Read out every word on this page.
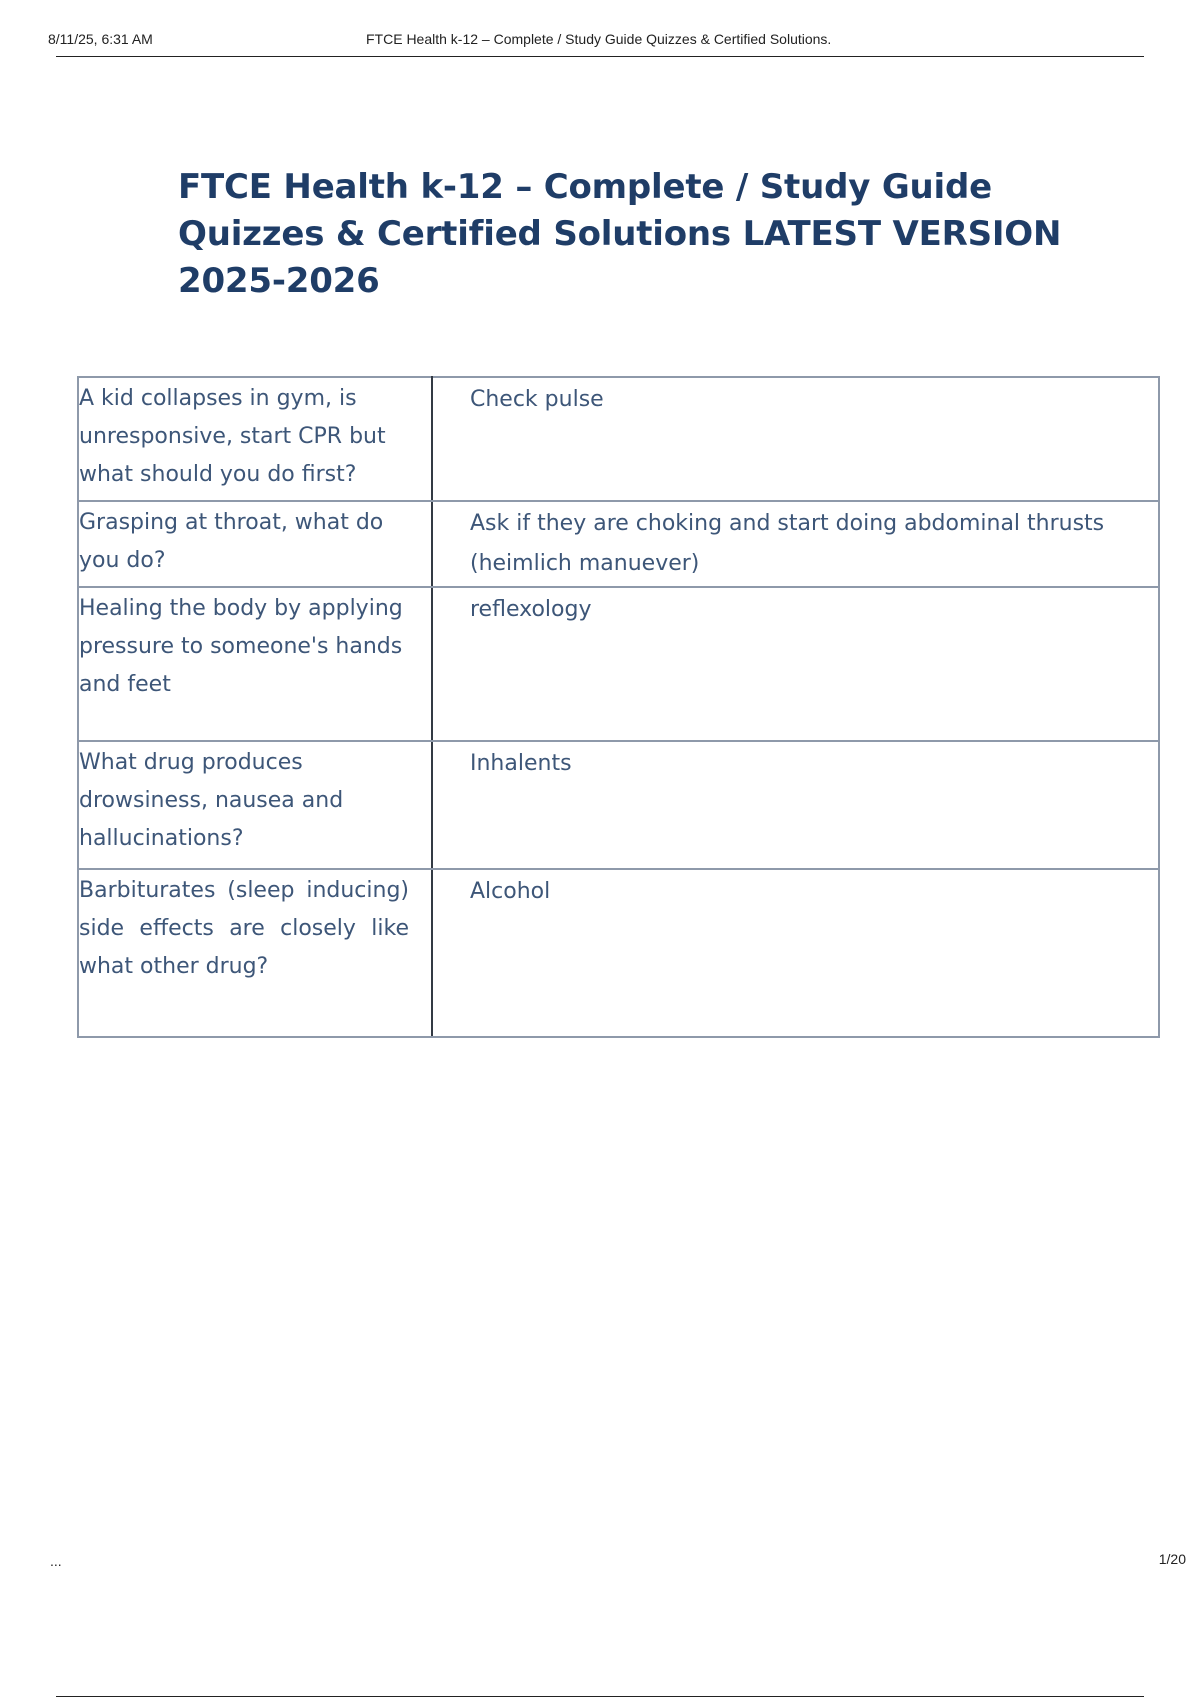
8/11/25, 6:31 AM	FTCE Health k-12 – Complete / Study Guide Quizzes & Certified Solutions.
FTCE Health k-12 – Complete / Study Guide Quizzes & Certified Solutions LATEST VERSION 2025-2026
A kid collapses in gym, is unresponsive, start CPR but what should you do first?	Check pulse

Grasping at throat, what do you do?	Ask if they are choking and start doing abdominal thrusts (heimlich manuever)

Healing the body by applying pressure to someone's hands and feet	reflexology

What drug produces drowsiness, nausea and hallucinations?	Inhalents

Barbiturates (sleep inducing) side effects are closely like what other drug?	Alcohol
...	1/20
